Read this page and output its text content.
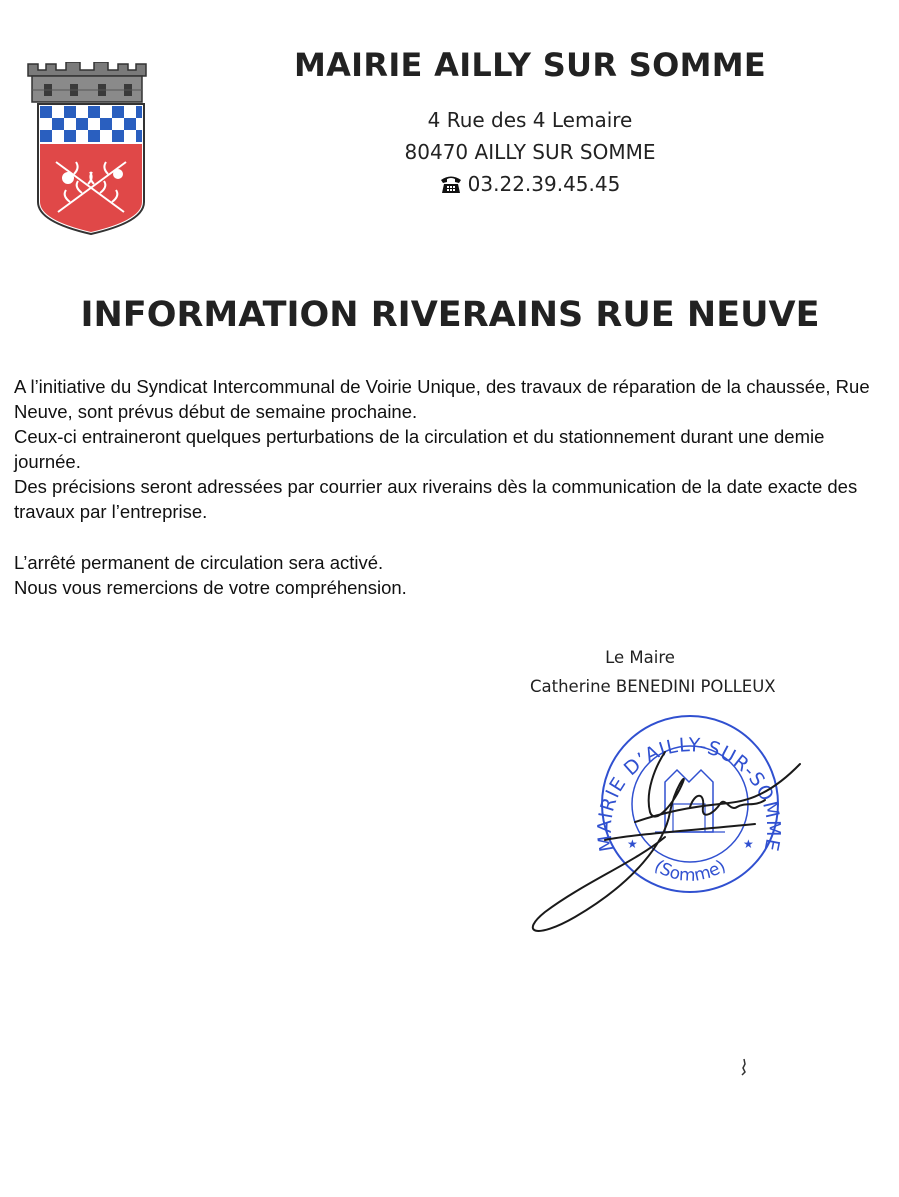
MAIRIE AILLY SUR SOMME
4 Rue des 4 Lemaire
80470 AILLY SUR SOMME
03.22.39.45.45
INFORMATION RIVERAINS RUE NEUVE

A l’initiative du Syndicat Intercommunal de Voirie Unique, des travaux de réparation de la chaussée, Rue Neuve, sont prévus début de semaine prochaine.

Ceux-ci entraineront quelques perturbations de la circulation et du stationnement durant une demie journée.

Des précisions seront adressées par courrier aux riverains dès la communication de la date exacte des travaux par l’entreprise.

L’arrêté permanent de circulation sera activé.

Nous vous remercions de votre compréhension.

Le Maire
Catherine BENEDINI POLLEUX
MAIRIE D’AILLY-SUR-SOMME
(Somme)
★	★
